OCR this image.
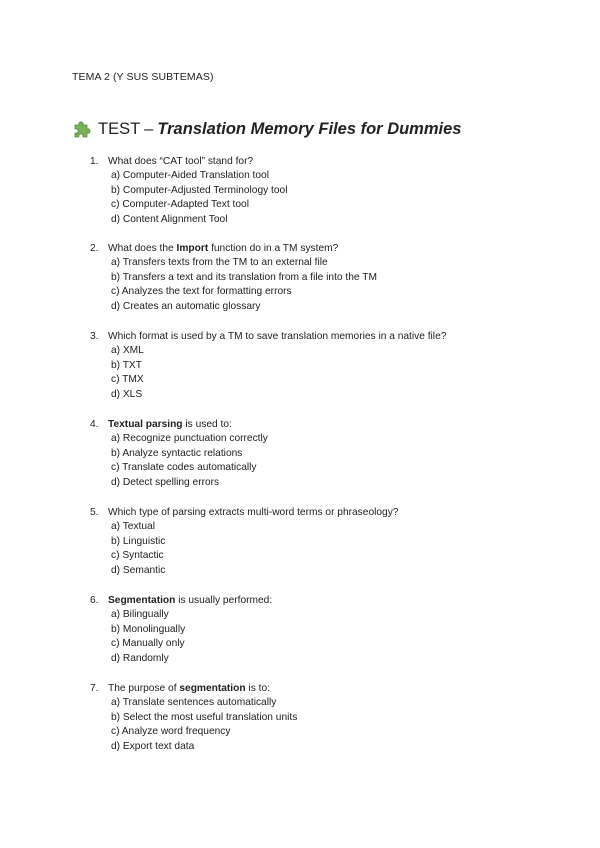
TEMA 2 (Y SUS SUBTEMAS)
TEST – Translation Memory Files for Dummies
1. What does “CAT tool” stand for?
a) Computer-Aided Translation tool
b) Computer-Adjusted Terminology tool
c) Computer-Adapted Text tool
d) Content Alignment Tool
2. What does the Import function do in a TM system?
a) Transfers texts from the TM to an external file
b) Transfers a text and its translation from a file into the TM
c) Analyzes the text for formatting errors
d) Creates an automatic glossary
3. Which format is used by a TM to save translation memories in a native file?
a) XML
b) TXT
c) TMX
d) XLS
4. Textual parsing is used to:
a) Recognize punctuation correctly
b) Analyze syntactic relations
c) Translate codes automatically
d) Detect spelling errors
5. Which type of parsing extracts multi-word terms or phraseology?
a) Textual
b) Linguistic
c) Syntactic
d) Semantic
6. Segmentation is usually performed:
a) Bilingually
b) Monolingually
c) Manually only
d) Randomly
7. The purpose of segmentation is to:
a) Translate sentences automatically
b) Select the most useful translation units
c) Analyze word frequency
d) Export text data
